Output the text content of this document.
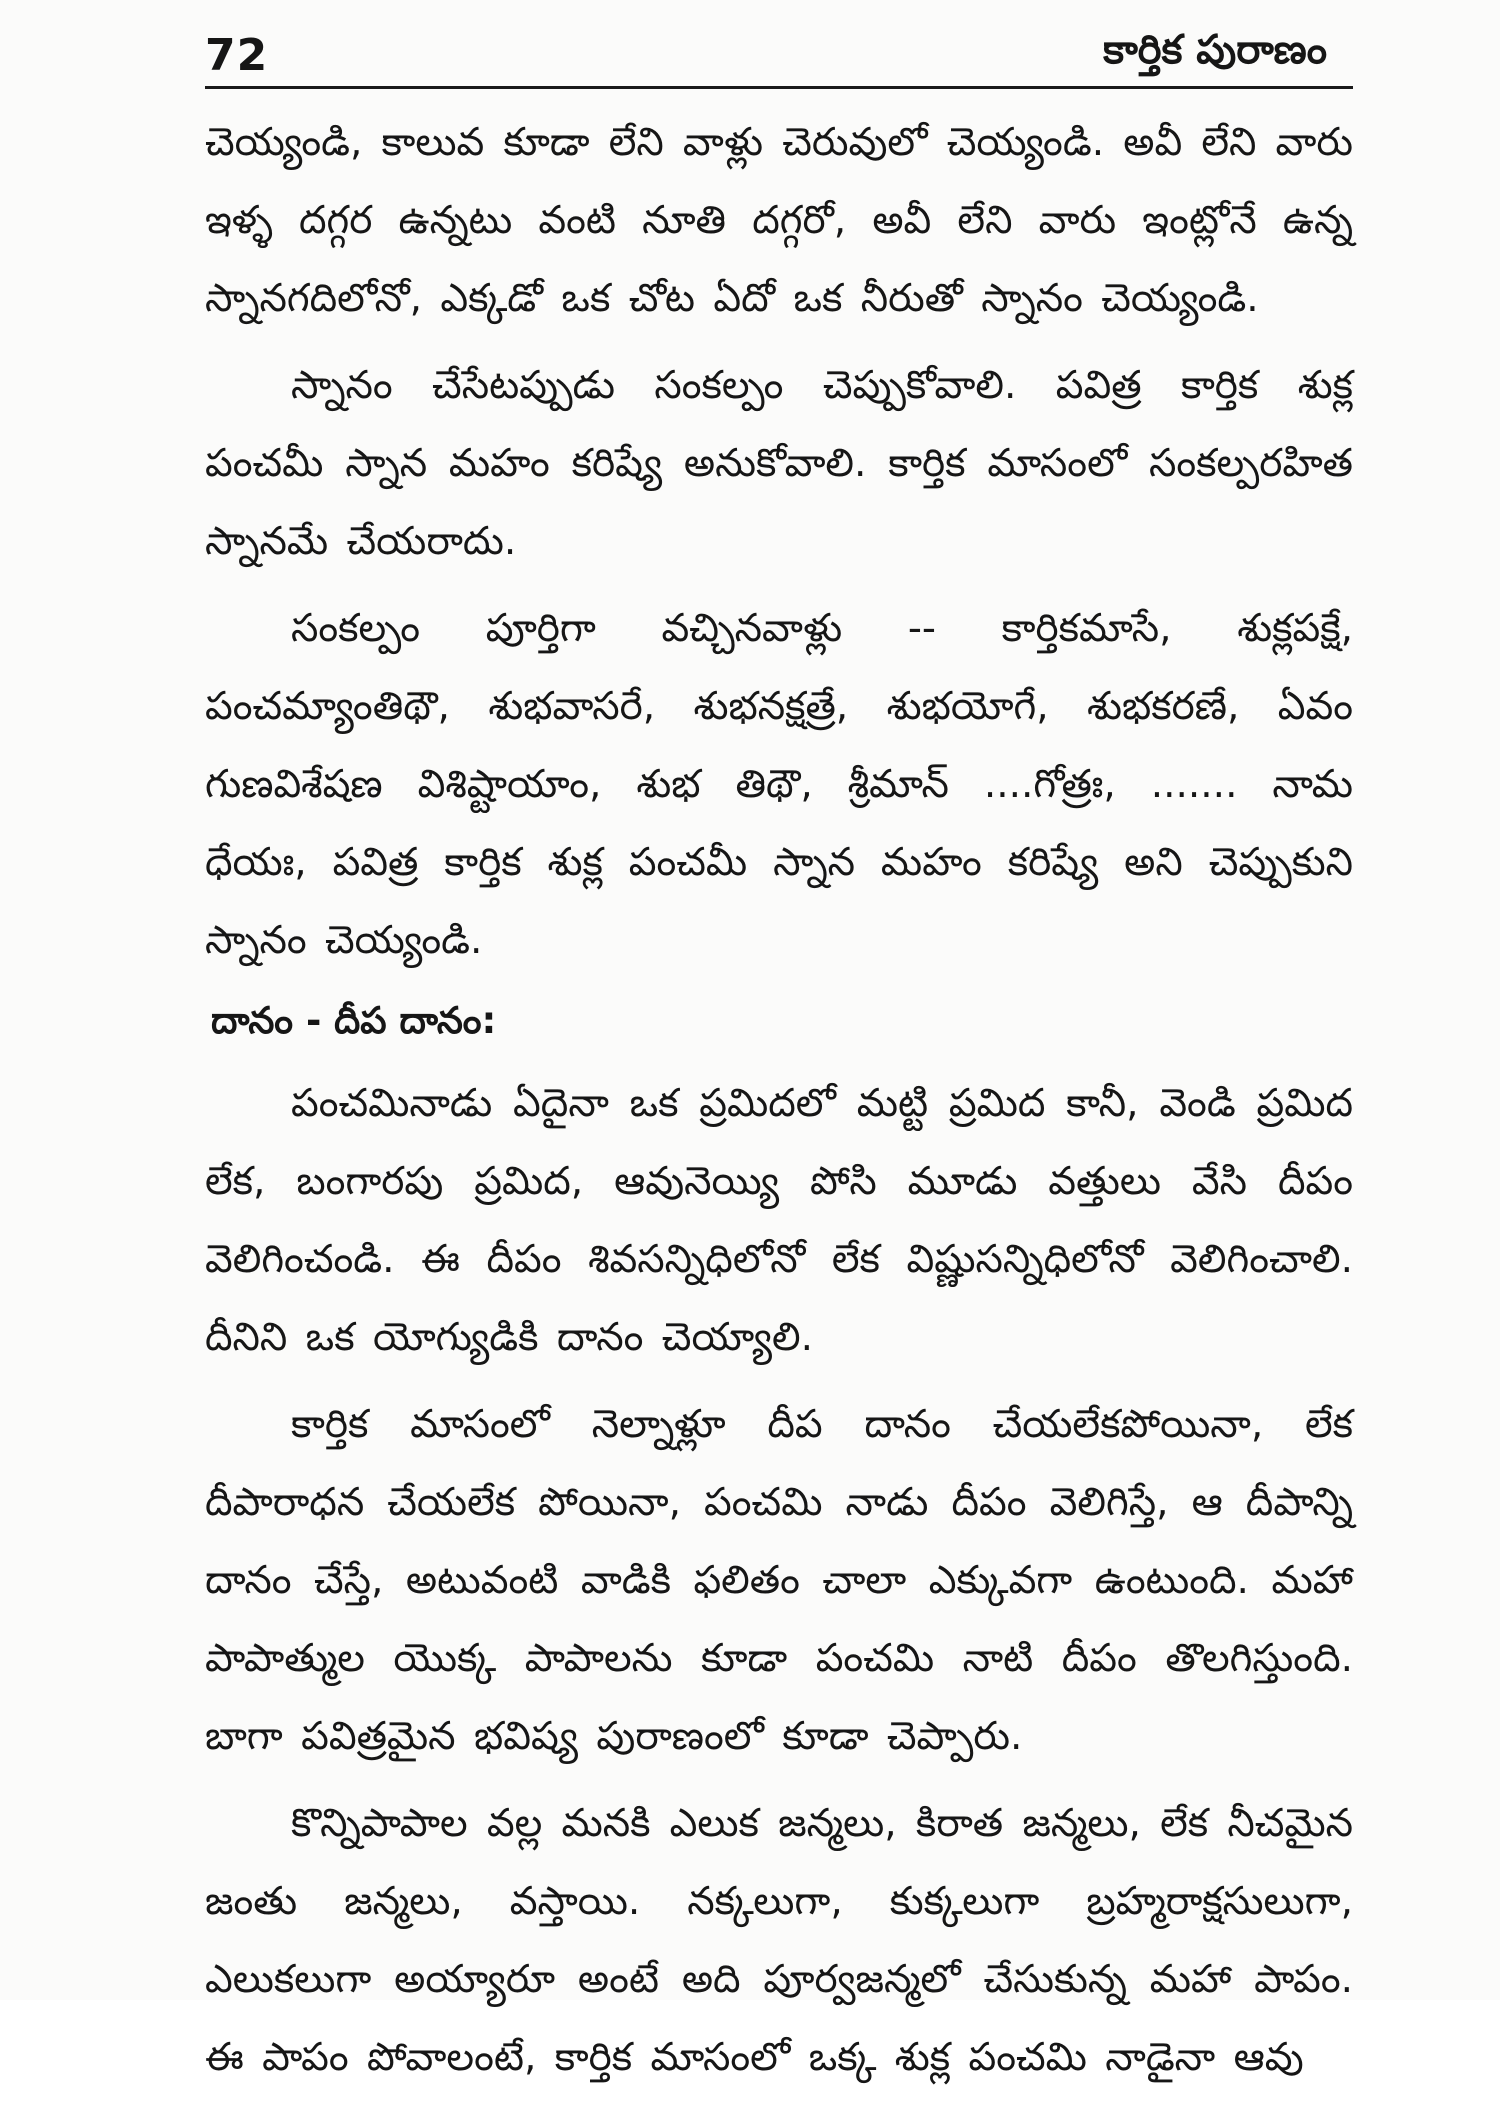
72	కార్తిక పురాణం

చెయ్యండి, కాలువ కూడా లేని వాళ్లు చెరువులో చెయ్యండి. అవీ లేని వారు ఇళ్ళ దగ్గర ఉన్నటు వంటి నూతి దగ్గరో, అవీ లేని వారు ఇంట్లోనే ఉన్న స్నానగదిలోనో, ఎక్కడో ఒక చోట ఏదో ఒక నీరుతో స్నానం చెయ్యండి.

స్నానం చేసేటప్పుడు సంకల్పం చెప్పుకోవాలి. పవిత్ర కార్తిక శుక్ల పంచమీ స్నాన మహం కరిష్యే అనుకోవాలి. కార్తిక మాసంలో సంకల్పరహిత స్నానమే చేయరాదు.

సంకల్పం పూర్తిగా వచ్చినవాళ్లు -- కార్తికమాసే, శుక్లపక్షే, పంచమ్యాంతిథౌ, శుభవాసరే, శుభనక్షత్రే, శుభయోగే, శుభకరణే, ఏవం గుణవిశేషణ విశిష్టాయాం, శుభ తిథౌ, శ్రీమాన్ ....గోత్రః, ....... నామ ధేయః, పవిత్ర కార్తిక శుక్ల పంచమీ స్నాన మహం కరిష్యే అని చెప్పుకుని స్నానం చెయ్యండి.

దానం - దీప దానం:

పంచమినాడు ఏదైనా ఒక ప్రమిదలో మట్టి ప్రమిద కానీ, వెండి ప్రమిద లేక, బంగారపు ప్రమిద, ఆవునెయ్యి పోసి మూడు వత్తులు వేసి దీపం వెలిగించండి. ఈ దీపం శివసన్నిధిలోనో లేక విష్ణుసన్నిధిలోనో వెలిగించాలి. దీనిని ఒక యోగ్యుడికి దానం చెయ్యాలి.

కార్తిక మాసంలో నెల్నాళ్లూ దీప దానం చేయలేకపోయినా, లేక దీపారాధన చేయలేక పోయినా, పంచమి నాడు దీపం వెలిగిస్తే, ఆ దీపాన్ని దానం చేస్తే, అటువంటి వాడికి ఫలితం చాలా ఎక్కువగా ఉంటుంది. మహా పాపాత్ముల యొక్క పాపాలను కూడా పంచమి నాటి దీపం తొలగిస్తుంది. బాగా పవిత్రమైన భవిష్య పురాణంలో కూడా చెప్పారు.

కొన్నిపాపాల వల్ల మనకి ఎలుక జన్మలు, కిరాత జన్మలు, లేక నీచమైన జంతు జన్మలు, వస్తాయి. నక్కలుగా, కుక్కలుగా బ్రహ్మరాక్షసులుగా, ఎలుకలుగా అయ్యారూ అంటే అది పూర్వజన్మలో చేసుకున్న మహా పాపం. ఈ పాపం పోవాలంటే, కార్తిక మాసంలో ఒక్క శుక్ల పంచమి నాడైనా ఆవు
